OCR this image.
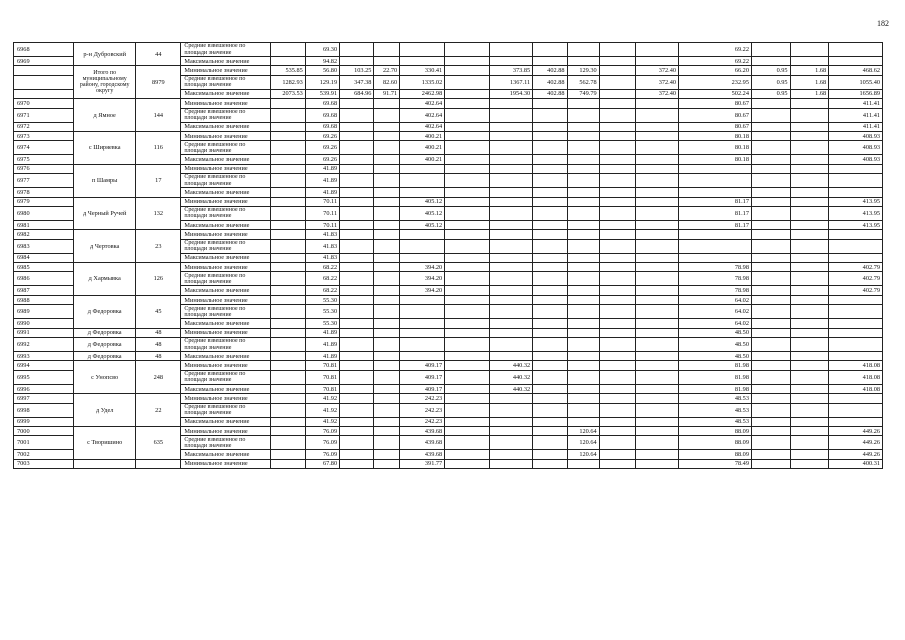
182
6968	р-н Дубровский	44	Средние взвешенное по площади значение		69.30										69.22			
6969			Максимальное значение		94.82										69.22			

	Итого по муниципальному району, городскому округу	8979	Минимальное значение	535.85	56.80	103.25	22.70	330.41		373.85	402.88	129.30		372.40	66.20	0.95	1.68	468.62

			Средние взвешенное по площади значение	1282.93	129.19	347.38	82.60	1335.02		1367.11	402.88	562.78		372.40	232.95	0.95	1.68	1055.40
			Максимальное значение	2073.53	539.91	684.96	91.71	2462.98		1954.30	402.88	749.79		372.40	502.24	0.95	1.68	1656.89
6970	д Ямное	144	Минимальное значение		69.68			402.64							80.67			411.41
6971			Средние взвешенное по площади значение		69.68			402.64							80.67			411.41
6972			Максимальное значение		69.68			402.64							80.67			411.41
6973	с Ширяевка	116	Минимальное значение		69.26			400.21							80.18			408.93
6974			Средние взвешенное по площади значение		69.26			400.21							80.18			408.93
6975			Максимальное значение		69.26			400.21							80.18			408.93
6976	п Шамры	17	Минимальное значение		41.89													
6977			Средние взвешенное по площади значение		41.89													
6978			Максимальное значение		41.89													
6979	д Черный Ручей	132	Минимальное значение		70.11			405.12							81.17			413.95
6980			Средние взвешенное по площади значение		70.11			405.12							81.17			413.95
6981			Максимальное значение		70.11			405.12							81.17			413.95
6982	д Чертовка	23	Минимальное значение		41.83													
6983			Средние взвешенное по площади значение		41.83													
6984			Максимальное значение		41.83													
6985	д Хармывка	126	Минимальное значение		68.22			394.20							78.98			402.79
6986			Средние взвешенное по площади значение		68.22			394.20							78.98			402.79
6987			Максимальное значение		68.22			394.20							78.98			402.79
6988	д Федоровка	45	Минимальное значение		55.30										64.02			
6989			Средние взвешенное по площади значение		55.30										64.02			
6990			Максимальное значение		55.30										64.02			
6991	д Федоровка	48	Минимальное значение		41.89										48.50			
6992	д Федоровка	48	Средние взвешенное по площади значение		41.89										48.50			
6993	д Федоровка	48	Максимальное значение		41.89										48.50			
6994	с Унопсво	248	Минимальное значение		70.81			409.17		440.32					81.98			418.08
6995			Средние взвешенное по площади значение		70.81			409.17		440.32					81.98			418.08
6996			Максимальное значение		70.81			409.17		440.32					81.98			418.08
6997	д Удел	22	Минимальное значение		41.92			242.23							48.53			
6998			Средние взвешенное по площади значение		41.92			242.23							48.53			
6999			Максимальное значение		41.92			242.23							48.53			
7000	с Творишино	635	Минимальное значение		76.09			439.68				120.64			88.09			449.26
7001			Средние взвешенное по площади значение		76.09			439.68				120.64			88.09			449.26
7002			Максимальное значение		76.09			439.68				120.64			88.09			449.26
7003			Минимальное значение		67.80			391.77							78.49			400.31
